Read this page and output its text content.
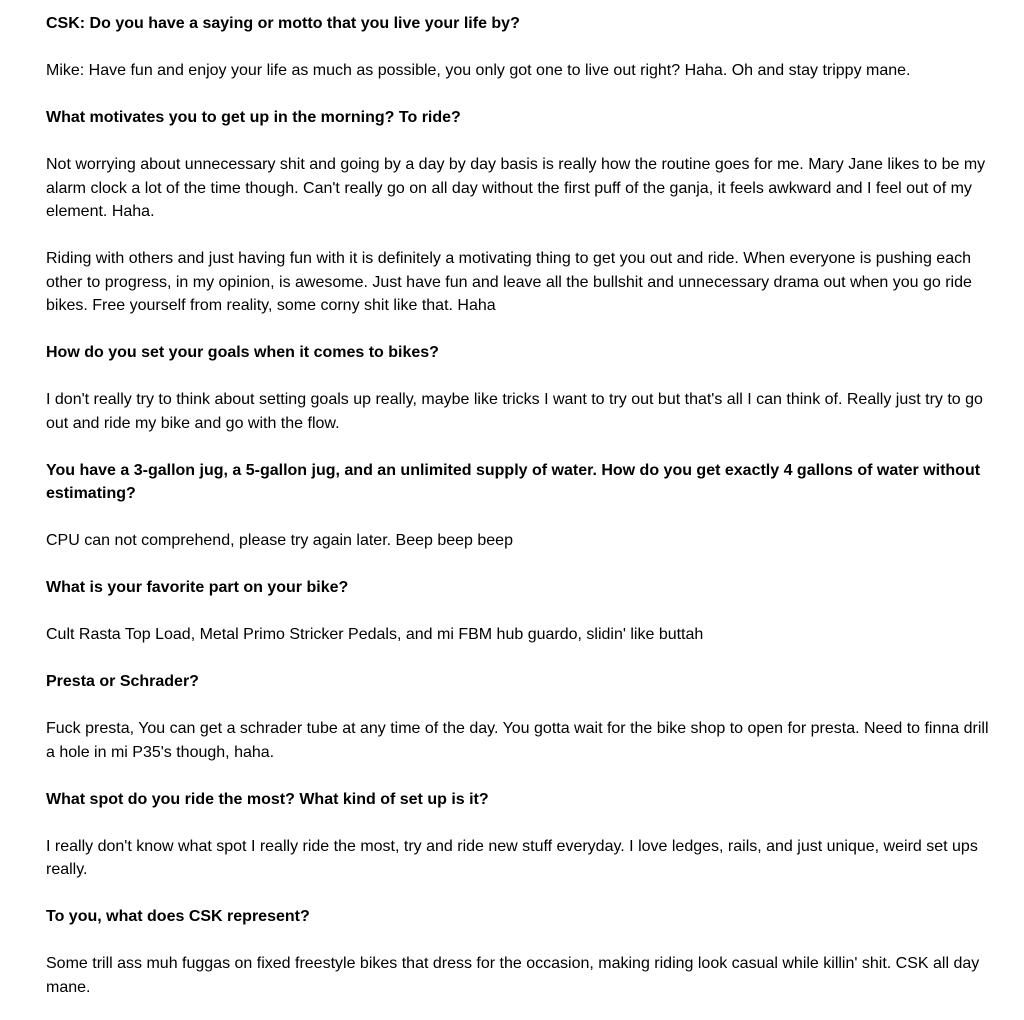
CSK: Do you have a saying or motto that you live your life by?

Mike: Have fun and enjoy your life as much as possible, you only got one to live out right? Haha. Oh and stay trippy mane.

What motivates you to get up in the morning? To ride?

Not worrying about unnecessary shit and going by a day by day basis is really how the routine goes for me. Mary Jane likes to be my alarm clock a lot of the time though. Can't really go on all day without the first puff of the ganja, it feels awkward and I feel out of my element. Haha.

Riding with others and just having fun with it is definitely a motivating thing to get you out and ride. When everyone is pushing each other to progress, in my opinion, is awesome. Just have fun and leave all the bullshit and unnecessary drama out when you go ride bikes. Free yourself from reality, some corny shit like that. Haha

How do you set your goals when it comes to bikes?

I don't really try to think about setting goals up really, maybe like tricks I want to try out but that's all I can think of. Really just try to go out and ride my bike and go with the flow.

You have a 3-gallon jug, a 5-gallon jug, and an unlimited supply of water. How do you get exactly 4 gallons of water without estimating?

CPU can not comprehend, please try again later. Beep beep beep

What is your favorite part on your bike?

Cult Rasta Top Load, Metal Primo Stricker Pedals, and mi FBM hub guardo, slidin' like buttah

Presta or Schrader?

Fuck presta, You can get a schrader tube at any time of the day. You gotta wait for the bike shop to open for presta. Need to finna drill a hole in mi P35's though, haha.

What spot do you ride the most? What kind of set up is it?

I really don't know what spot I really ride the most, try and ride new stuff everyday. I love ledges, rails, and just unique, weird set ups really.

To you, what does CSK represent?

Some trill ass muh fuggas on fixed freestyle bikes that dress for the occasion, making riding look casual while killin' shit. CSK all day mane.
